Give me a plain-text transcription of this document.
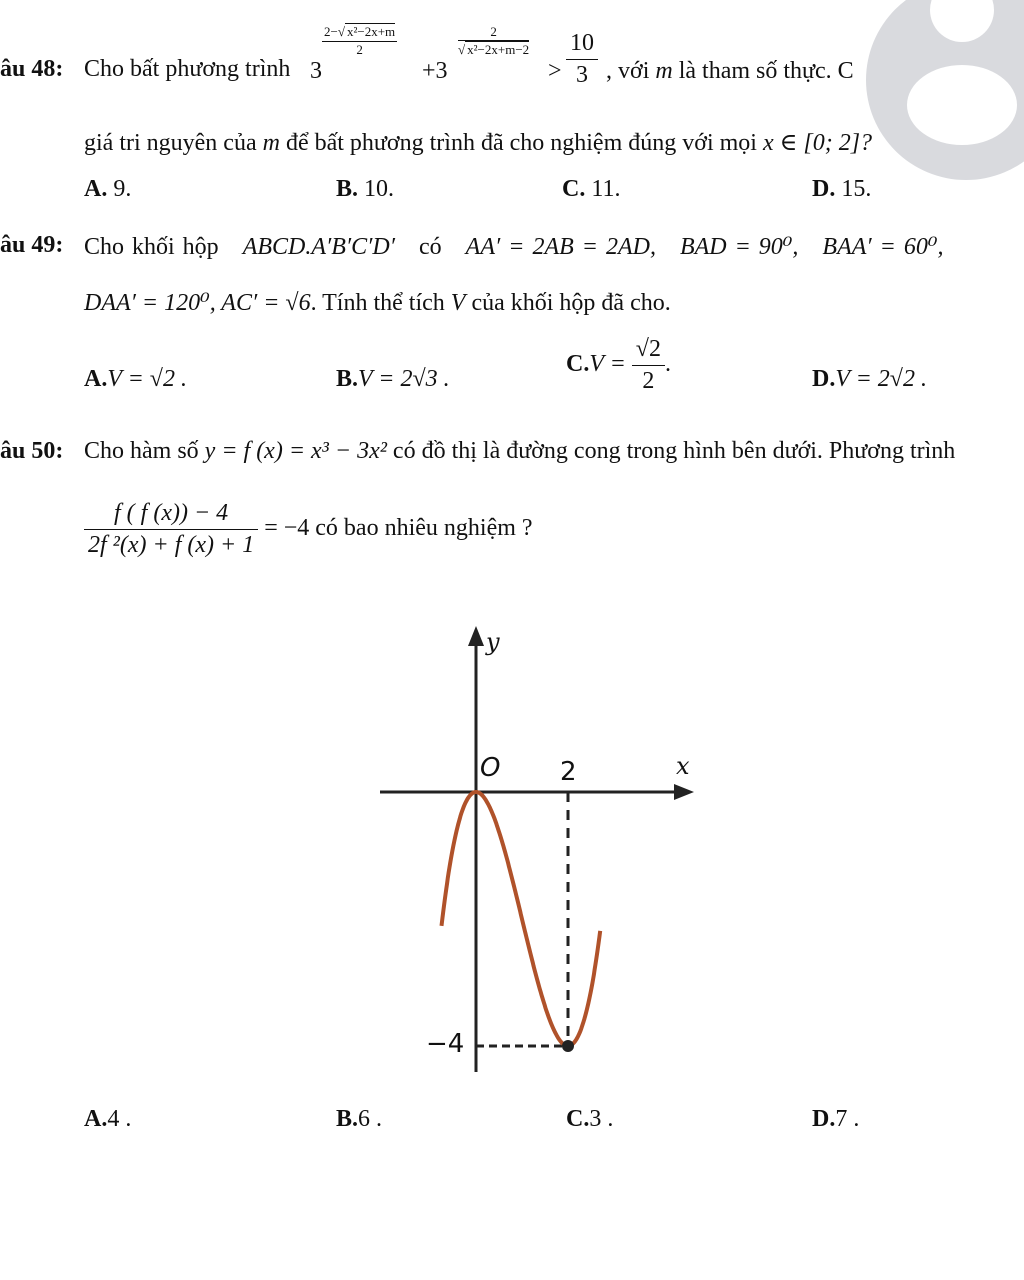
âu 48: Cho bất phương trình 3
2−√ x²−2x+m
2
+3
2
√ x²−2x+m−2
> $\frac{10}{3}$ , với m là tham số thực. C
giá tri nguyên của m để bất phương trình đã cho nghiệm đúng với mọi x ∈ [0; 2]?
A. 9.	B. 10.	C. 11.	D. 15.
âu 49: Cho khối hộp ABCD.A′B′C′D′ có AA′ = 2AB = 2AD, BAD = 90⁰, BAA′ = 60⁰,
DAA′ = 120⁰, AC′ = √6. Tính thể tích V của khối hộp đã cho.
A.V = √2 .	B.V = 2√3 .
$C.V = \frac{√2}{2}$ .
D.V = 2√2 .
âu 50: Cho hàm số y = f (x) = x³ − 3x² có đồ thị là đường cong trong hình bên dưới. Phương trình
$\frac{f ( f (x)) - 4}{\text{2f ²(x) + f (x) + 1}} = -4$ có bao nhiêu nghiệm ?
y
x
O 2
−4
A.4 .	B.6 .	C.3 .	D.7 .
